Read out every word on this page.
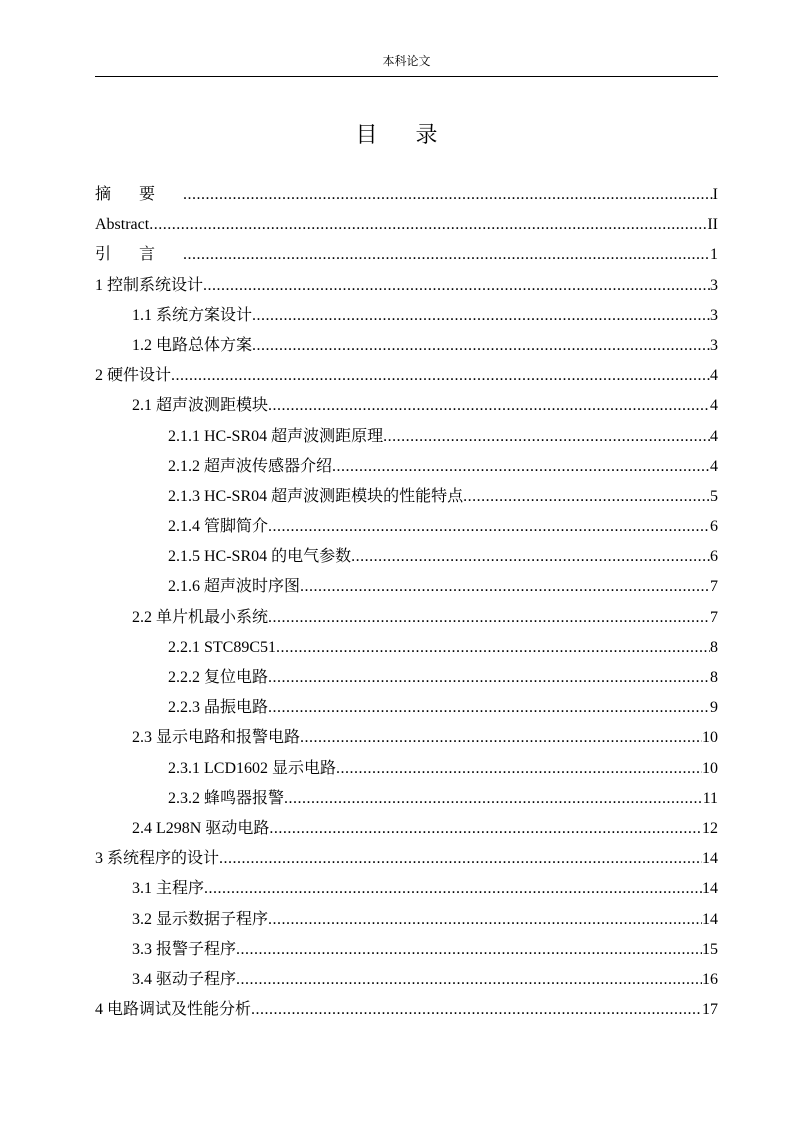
本科论文
目录
摘要 .....	I
Abstract .....	II
引言 .....	1
1 控制系统设计 .....	3
1.1 系统方案设计 .....	3
1.2 电路总体方案 .....	3
2 硬件设计 .....	4
2.1 超声波测距模块 .....	4
2.1.1 HC-SR04 超声波测距原理 .....	4
2.1.2 超声波传感器介绍 .....	4
2.1.3 HC-SR04 超声波测距模块的性能特点 .....	5
2.1.4 管脚简介 .....	6
2.1.5 HC-SR04 的电气参数 .....	6
2.1.6 超声波时序图 .....	7
2.2 单片机最小系统 .....	7
2.2.1 STC89C51 .....	8
2.2.2 复位电路 .....	8
2.2.3 晶振电路 .....	9
2.3 显示电路和报警电路 .....	10
2.3.1 LCD1602 显示电路 .....	10
2.3.2 蜂鸣器报警 .....	11
2.4 L298N 驱动电路 .....	12
3 系统程序的设计 .....	14
3.1 主程序 .....	14
3.2 显示数据子程序 .....	14
3.3 报警子程序 .....	15
3.4 驱动子程序 .....	16
4 电路调试及性能分析 .....	17
